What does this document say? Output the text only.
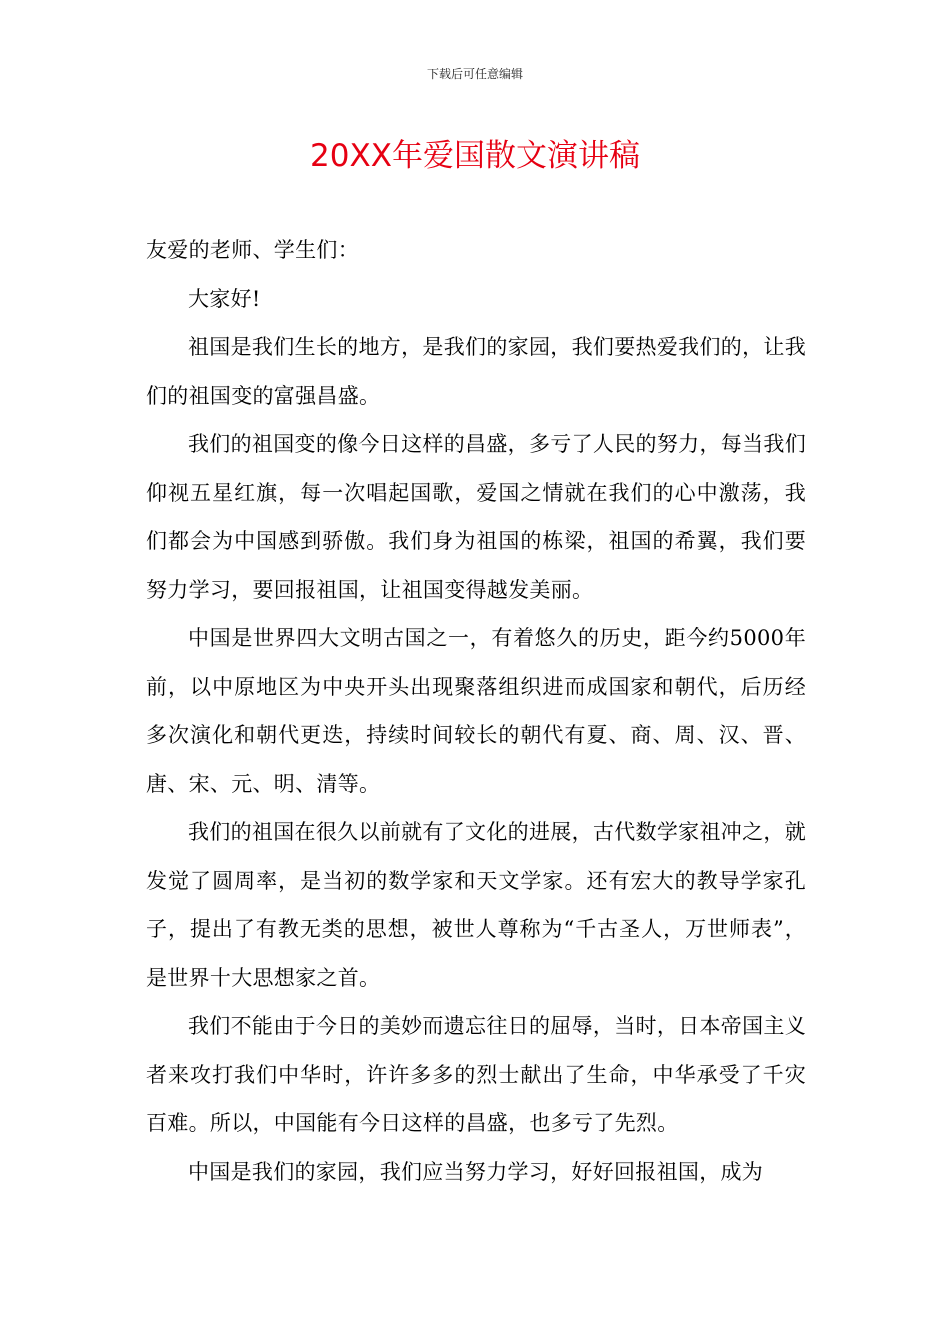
下载后可任意编辑
20XX年爱国散文演讲稿

友爱的老师、学生们：

大家好!

祖国是我们生长的地方，是我们的家园，我们要热爱我们的，让我们的祖国变的富强昌盛。

我们的祖国变的像今日这样的昌盛，多亏了人民的努力，每当我们仰视五星红旗，每一次唱起国歌，爱国之情就在我们的心中激荡，我们都会为中国感到骄傲。我们身为祖国的栋梁，祖国的希翼，我们要努力学习，要回报祖国，让祖国变得越发美丽。

中国是世界四大文明古国之一，有着悠久的历史，距今约5000年前，以中原地区为中央开头出现聚落组织进而成国家和朝代，后历经多次演化和朝代更迭，持续时间较长的朝代有夏、商、周、汉、晋、唐、宋、元、明、清等。

我们的祖国在很久以前就有了文化的进展，古代数学家祖冲之，就发觉了圆周率，是当初的数学家和天文学家。还有宏大的教导学家孔子，提出了有教无类的思想，被世人尊称为“千古圣人，万世师表”，是世界十大思想家之首。

我们不能由于今日的美妙而遗忘往日的屈辱，当时，日本帝国主义者来攻打我们中华时，许许多多的烈士献出了生命，中华承受了千灾百难。所以，中国能有今日这样的昌盛，也多亏了先烈。

中国是我们的家园，我们应当努力学习，好好回报祖国，成为
